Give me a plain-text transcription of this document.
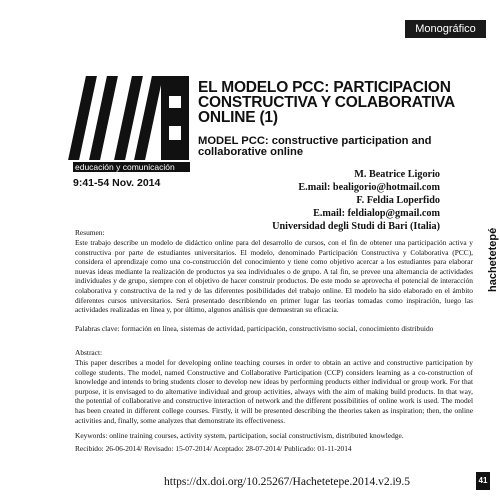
Monográfico
educación y comunicación
9:41-54 Nov. 2014
EL MODELO PCC: PARTICIPACION CONSTRUCTIVA Y COLABORATIVA ONLINE (1)
MODEL PCC: constructive participation and collaborative online
M. Beatrice Ligorio
E.mail: bealigorio@hotmail.com
F. Feldia Loperfido
E.mail: feldialop@gmail.com
Universidad degli Studi di Bari (Italia)
hachetetepé
Resumen:
Este trabajo describe un modelo de didáctico online para del desarrollo de cursos, con el fin de obtener una participación activa y constructiva por parte de estudiantes universitarios. El modelo, denominado Participación Constructiva y Colaborativa (PCC), considera el aprendizaje como una co-construcción del conocimiento y tiene como objetivo acercar a los estudiantes para elaborar nuevas ideas mediante la realización de productos ya sea individuales o de grupo. A tal fin, se prevee una alternancia de actividades individuales y de grupo, siempre con el objetivo de hacer construir productos. De este modo se aprovecha el potencial de interacción colaborativa y constructiva de la red y de las diferentes posibilidades del trabajo online. El modelo ha sido elaborado en el ámbito diferentes cursos universitarios. Será presentado describiendo en primer lugar las teorías tomadas como inspiración, luego las actividades realizadas en línea y, por último, algunos análisis que demuestran su eficacia.
Palabras clave: formación en línea, sistemas de actividad, participación, constructivismo social, conocimiento distribuido
Abstract:
This paper describes a model for developing online teaching courses in order to obtain an active and constructive participation by college students. The model, named Constructive and Collaborative Participation (CCP) considers learning as a co-construction of knowledge and intends to bring students closer to develop new ideas by performing products either individual or group work. For that purpose, it is envisaged to do alternative individual and group activities, always with the aim of making build products. In that way, the potential of collaborative and constructive interaction of network and the different possibilities of online work is used. The model has been created in different college courses. Firstly, it will be presented describing the theories taken as inspiration; then, the online activities and, finally, some analyzes that demonstrate its effectiveness.
Keywords: online training courses, activity system, participation, social constructivism, distributed knowledge.
Recibido: 26-06-2014/ Revisado: 15-07-2014/ Aceptado: 28-07-2014/ Publicado: 01-11-2014
https://dx.doi.org/10.25267/Hachetetepe.2014.v2.i9.5	41
